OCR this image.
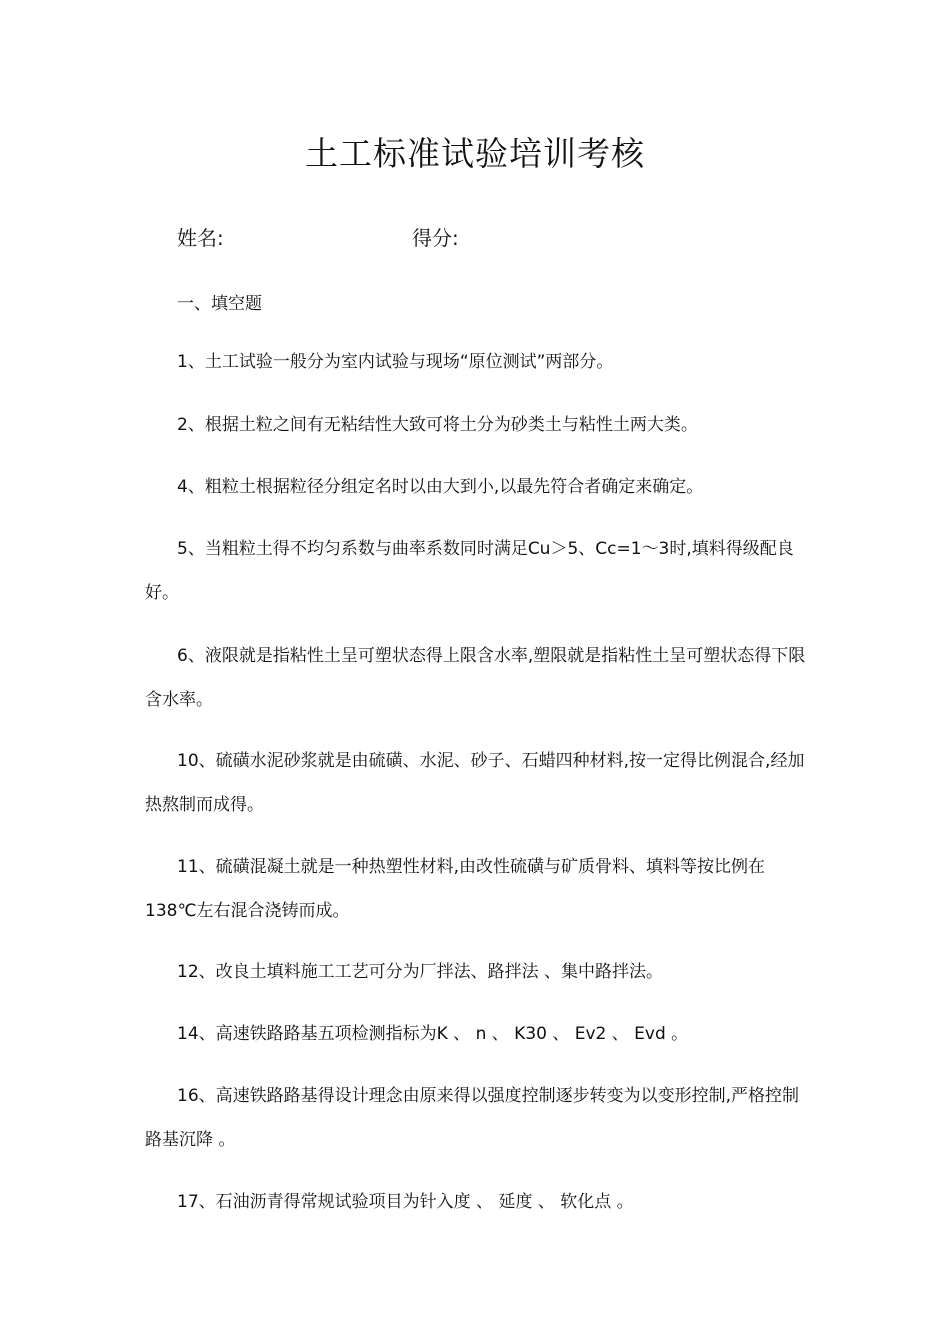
土工标准试验培训考核
姓名:	得分:
一、填空题

1、土工试验一般分为室内试验与现场“原位测试”两部分。

2、根据土粒之间有无粘结性大致可将土分为砂类土与粘性土两大类。

4、粗粒土根据粒径分组定名时以由大到小,以最先符合者确定来确定。

5、当粗粒土得不均匀系数与曲率系数同时满足Cu＞5、Cc=1～3时,填料得级配良好。

6、液限就是指粘性土呈可塑状态得上限含水率,塑限就是指粘性土呈可塑状态得下限含水率。

10、硫磺水泥砂浆就是由硫磺、水泥、砂子、石蜡四种材料,按一定得比例混合,经加热熬制而成得。

11、硫磺混凝土就是一种热塑性材料,由改性硫磺与矿质骨料、填料等按比例在138℃左右混合浇铸而成。

12、改良土填料施工工艺可分为厂拌法、路拌法 、集中路拌法。

14、高速铁路路基五项检测指标为K 、 n 、 K30 、 Ev2 、 Evd 。

16、高速铁路路基得设计理念由原来得以强度控制逐步转变为以变形控制,严格控制路基沉降 。

17、石油沥青得常规试验项目为针入度 、 延度 、 软化点 。
